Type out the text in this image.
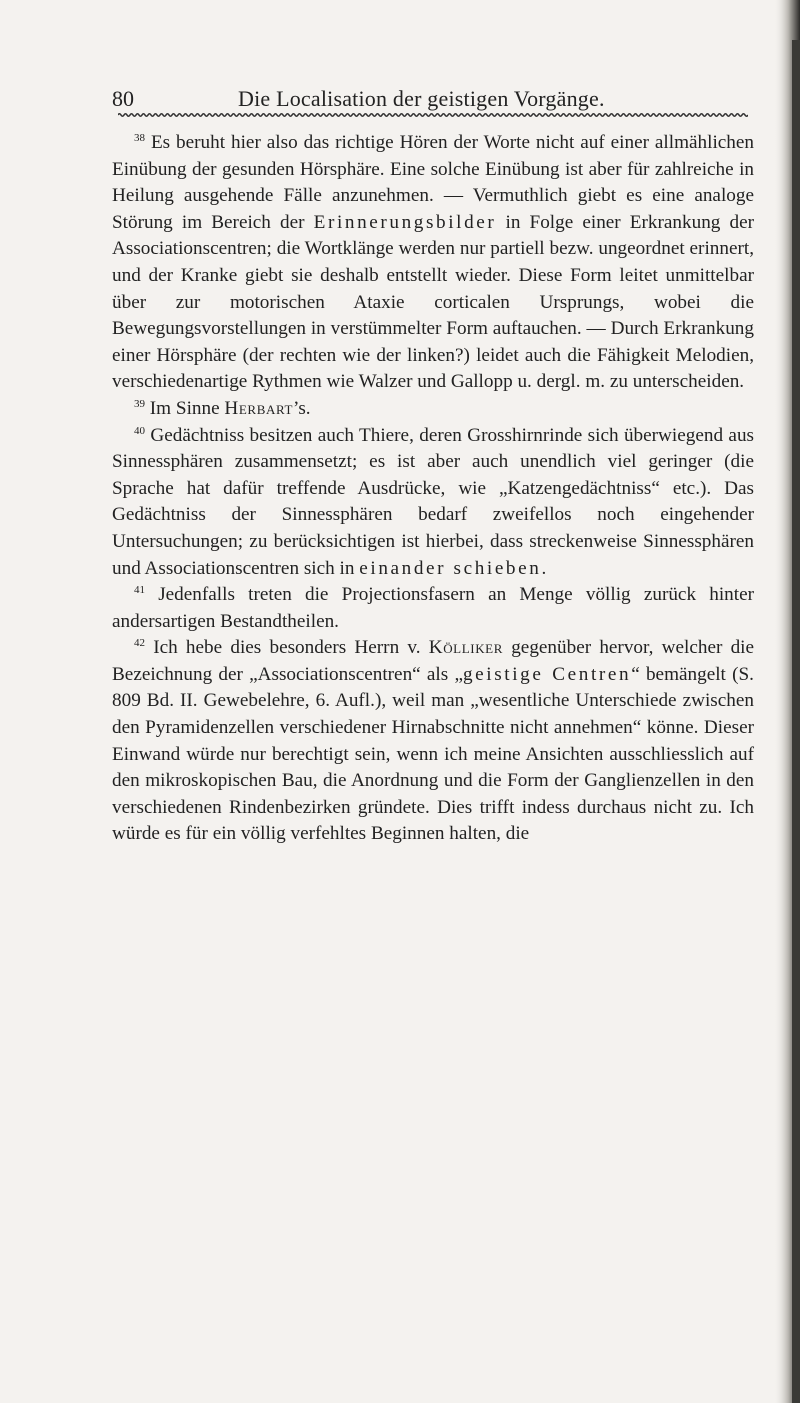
80	Die Localisation der geistigen Vorgänge.

$^{38}$ Es beruht hier also das richtige Hören der Worte nicht auf einer allmählichen Einübung der gesunden Hörsphäre. Eine solche Einübung ist aber für zahlreiche in Heilung ausgehende Fälle anzunehmen. — Vermuthlich giebt es eine analoge Störung im Bereich der Erinnerungsbilder in Folge einer Erkrankung der Associationscentren; die Wortklänge werden nur partiell bezw. ungeordnet erinnert, und der Kranke giebt sie deshalb entstellt wieder. Diese Form leitet unmittelbar über zur motorischen Ataxie corticalen Ursprungs, wobei die Bewegungsvorstellungen in verstümmelter Form auftauchen. — Durch Erkrankung einer Hörsphäre (der rechten wie der linken?) leidet auch die Fähigkeit Melodien, verschiedenartige Rythmen wie Walzer und Gallopp u. dergl. m. zu unterscheiden.

$^{39}$ Im Sinne Herbart’s.

$^{40}$ Gedächtniss besitzen auch Thiere, deren Grosshirnrinde sich überwiegend aus Sinnessphären zusammensetzt; es ist aber auch unendlich viel geringer (die Sprache hat dafür treffende Ausdrücke, wie „Katzengedächtniss“ etc.). Das Gedächtniss der Sinnessphären bedarf zweifellos noch eingehender Untersuchungen; zu berücksichtigen ist hierbei, dass streckenweise Sinnessphären und Associationscentren sich in einander schieben.

$^{41}$ Jedenfalls treten die Projectionsfasern an Menge völlig zurück hinter andersartigen Bestandtheilen.

$^{42}$ Ich hebe dies besonders Herrn v. Kölliker gegenüber hervor, welcher die Bezeichnung der „Associationscentren“ als „geistige Centren“ bemängelt (S. 809 Bd. II. Gewebelehre, 6. Aufl.), weil man „wesentliche Unterschiede zwischen den Pyramidenzellen verschiedener Hirnabschnitte nicht annehmen“ könne. Dieser Einwand würde nur berechtigt sein, wenn ich meine Ansichten ausschliesslich auf den mikroskopischen Bau, die Anordnung und die Form der Ganglienzellen in den verschiedenen Rindenbezirken gründete. Dies trifft indess durchaus nicht zu. Ich würde es für ein völlig verfehltes Beginnen halten, die
